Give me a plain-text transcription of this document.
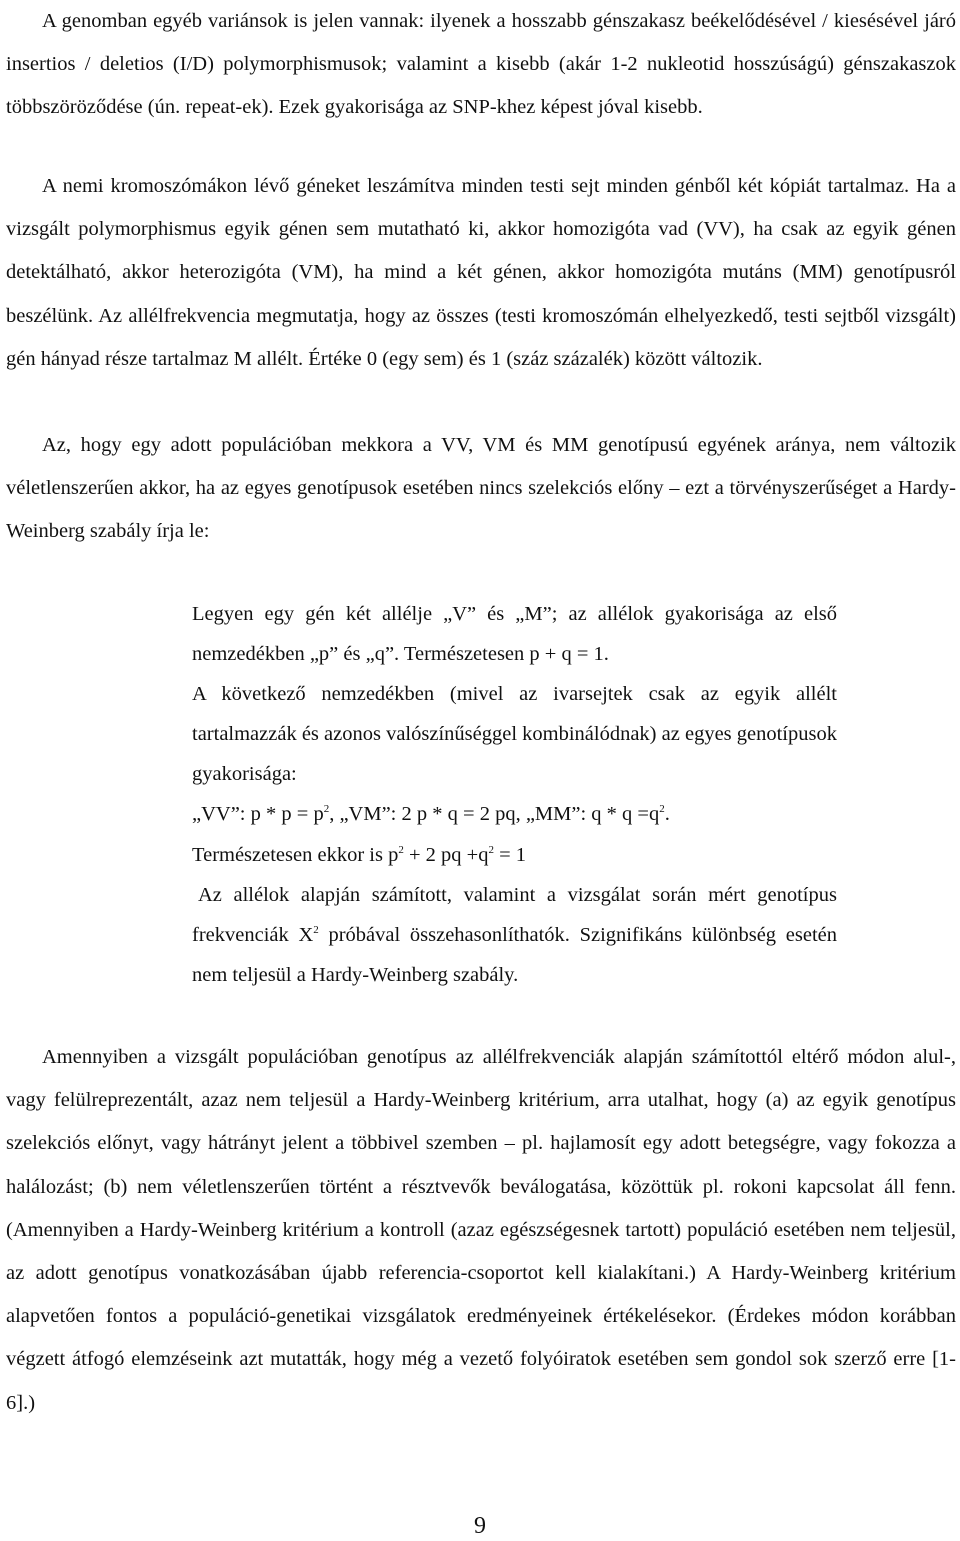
A genomban egyéb variánsok is jelen vannak: ilyenek a hosszabb génszakasz beékelődésével / kiesésével járó insertios / deletios (I/D) polymorphismusok; valamint a kisebb (akár 1-2 nukleotid hosszúságú) génszakaszok többszöröződése (ún. repeat-ek). Ezek gyakorisága az SNP-khez képest jóval kisebb.

A nemi kromoszómákon lévő géneket leszámítva minden testi sejt minden génből két kópiát tartalmaz. Ha a vizsgált polymorphismus egyik génen sem mutatható ki, akkor homozigóta vad (VV), ha csak az egyik génen detektálható, akkor heterozigóta (VM), ha mind a két génen, akkor homozigóta mutáns (MM) genotípusról beszélünk. Az allélfrekvencia megmutatja, hogy az összes (testi kromoszómán elhelyezkedő, testi sejtből vizsgált) gén hányad része tartalmaz M allélt. Értéke 0 (egy sem) és 1 (száz százalék) között változik.

Az, hogy egy adott populációban mekkora a VV, VM és MM genotípusú egyének aránya, nem változik véletlenszerűen akkor, ha az egyes genotípusok esetében nincs szelekciós előny – ezt a törvényszerűséget a Hardy-Weinberg szabály írja le:

Legyen egy gén két allélje „V” és „M”; az allélok gyakorisága az első nemzedékben „p” és „q”. Természetesen p + q = 1.

A következő nemzedékben (mivel az ivarsejtek csak az egyik allélt tartalmazzák és azonos valószínűséggel kombinálódnak) az egyes genotípusok gyakorisága:

„VV”: $p * p = p^2$, „VM”: 2 p * q = 2 pq, „MM”: $q * q =q^2$.

Természetesen ekkor is $p^2 + 2$ pq $+q^2 = 1$

Az allélok alapján számított, valamint a vizsgálat során mért genotípus frekvenciák $X^2$ próbával összehasonlíthatók. Szignifikáns különbség esetén nem teljesül a Hardy-Weinberg szabály.

Amennyiben a vizsgált populációban genotípus az allélfrekvenciák alapján számítottól eltérő módon alul-, vagy felülreprezentált, azaz nem teljesül a Hardy-Weinberg kritérium, arra utalhat, hogy (a) az egyik genotípus szelekciós előnyt, vagy hátrányt jelent a többivel szemben – pl. hajlamosít egy adott betegségre, vagy fokozza a halálozást; (b) nem véletlenszerűen történt a résztvevők beválogatása, közöttük pl. rokoni kapcsolat áll fenn. (Amennyiben a Hardy-Weinberg kritérium a kontroll (azaz egészségesnek tartott) populáció esetében nem teljesül, az adott genotípus vonatkozásában újabb referencia-csoportot kell kialakítani.) A Hardy-Weinberg kritérium alapvetően fontos a populáció-genetikai vizsgálatok eredményeinek értékelésekor. (Érdekes módon korábban végzett átfogó elemzéseink azt mutatták, hogy még a vezető folyóiratok esetében sem gondol sok szerző erre [1-6].)

9
